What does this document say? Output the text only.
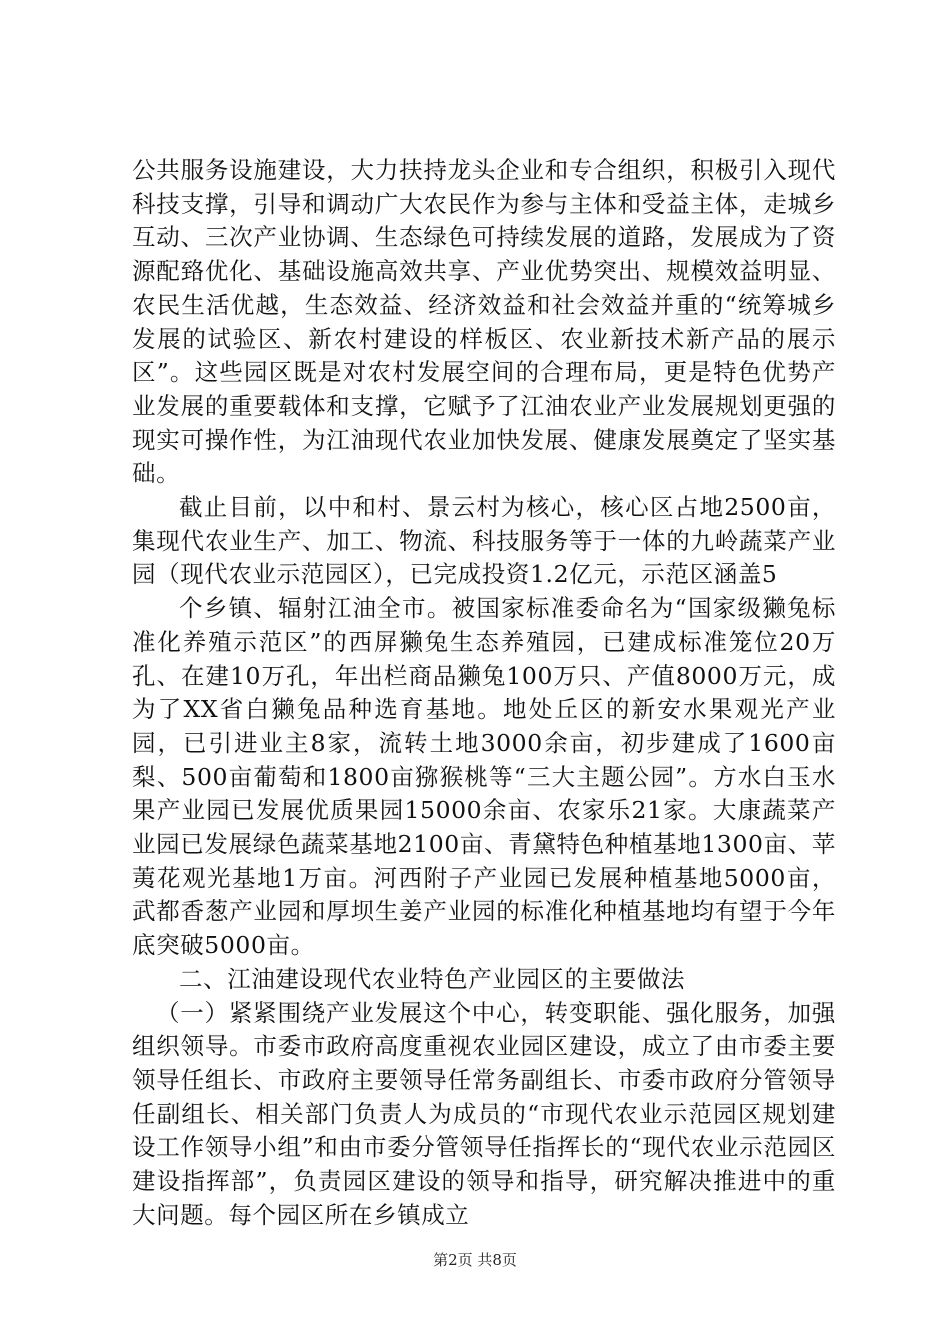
公共服务设施建设，大力扶持龙头企业和专合组织，积极引入现代科技支撑，引导和调动广大农民作为参与主体和受益主体，走城乡互动、三次产业协调、生态绿色可持续发展的道路，发展成为了资源配臵优化、基础设施高效共享、产业优势突出、规模效益明显、农民生活优越，生态效益、经济效益和社会效益并重的“统筹城乡发展的试验区、新农村建设的样板区、农业新技术新产品的展示区”。这些园区既是对农村发展空间的合理布局，更是特色优势产业发展的重要载体和支撑，它赋予了江油农业产业发展规划更强的现实可操作性，为江油现代农业加快发展、健康发展奠定了坚实基础。

截止目前，以中和村、景云村为核心，核心区占地2500亩，集现代农业生产、加工、物流、科技服务等于一体的九岭蔬菜产业园（现代农业示范园区），已完成投资1.2亿元，示范区涵盖5

个乡镇、辐射江油全市。被国家标准委命名为“国家级獭兔标准化养殖示范区”的西屏獭兔生态养殖园，已建成标准笼位20万孔、在建10万孔，年出栏商品獭兔100万只、产值8000万元，成为了XX省白獭兔品种选育基地。地处丘区的新安水果观光产业园，已引进业主8家，流转土地3000余亩，初步建成了1600亩梨、500亩葡萄和1800亩猕猴桃等“三大主题公园”。方水白玉水果产业园已发展优质果园15000余亩、农家乐21家。大康蔬菜产业园已发展绿色蔬菜基地2100亩、青黛特色种植基地1300亩、苹荑花观光基地1万亩。河西附子产业园已发展种植基地5000亩，武都香葱产业园和厚坝生姜产业园的标准化种植基地均有望于今年底突破5000亩。

二、江油建设现代农业特色产业园区的主要做法

（一）紧紧围绕产业发展这个中心，转变职能、强化服务，加强组织领导。市委市政府高度重视农业园区建设，成立了由市委主要领导任组长、市政府主要领导任常务副组长、市委市政府分管领导任副组长、相关部门负责人为成员的“市现代农业示范园区规划建设工作领导小组”和由市委分管领导任指挥长的“现代农业示范园区建设指挥部”，负责园区建设的领导和指导，研究解决推进中的重大问题。每个园区所在乡镇成立

第2页 共8页
